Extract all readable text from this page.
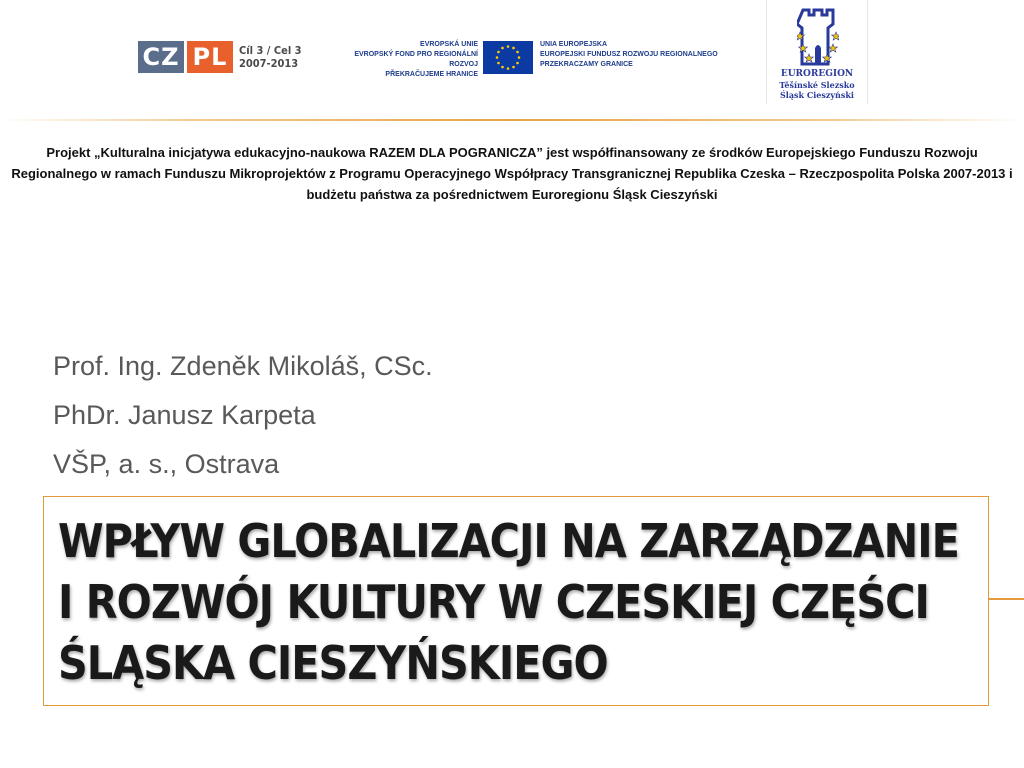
CZ PL	Cíl 3 / Cel 3
2007-2013
EVROPSKÁ UNIE
EVROPSKÝ FOND PRO REGIONÁLNÍ ROZVOJ
PŘEKRAČUJEME HRANICE
UNIA EUROPEJSKA
EUROPEJSKI FUNDUSZ ROZWOJU REGIONALNEGO
PRZEKRACZAMY GRANICE
EUROREGION
Těšínské Slezsko
Śląsk Cieszyński

Projekt „Kulturalna inicjatywa edukacyjno-naukowa RAZEM DLA POGRANICZA” jest współfinansowany ze środków Europejskiego Funduszu Rozwoju Regionalnego w ramach Funduszu Mikroprojektów z Programu Operacyjnego Współpracy Transgranicznej Republika Czeska – Rzeczpospolita Polska 2007-2013 i budżetu państwa za pośrednictwem Euroregionu Śląsk Cieszyński

Prof. Ing. Zdeněk Mikoláš, CSc.
PhDr. Janusz Karpeta
VŠP, a. s., Ostrava
WPŁYW GLOBALIZACJI NA ZARZĄDZANIE
I ROZWÓJ KULTURY W CZESKIEJ CZĘŚCI
ŚLĄSKA CIESZYŃSKIEGO
